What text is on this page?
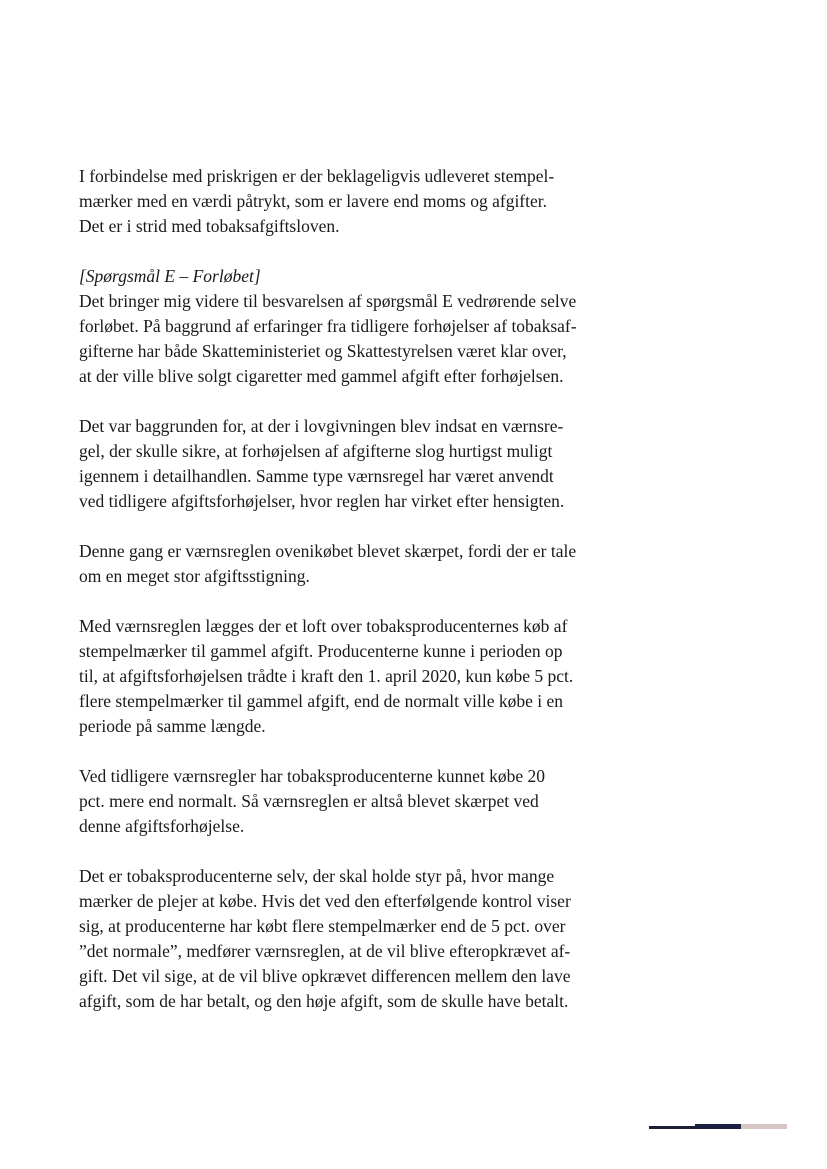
I forbindelse med priskrigen er der beklageligvis udleveret stempel-
mærker med en værdi påtrykt, som er lavere end moms og afgifter.
Det er i strid med tobaksafgiftsloven.

[Spørgsmål E – Forløbet]
Det bringer mig videre til besvarelsen af spørgsmål E vedrørende selve
forløbet. På baggrund af erfaringer fra tidligere forhøjelser af tobaksaf-
gifterne har både Skatteministeriet og Skattestyrelsen været klar over,
at der ville blive solgt cigaretter med gammel afgift efter forhøjelsen.

Det var baggrunden for, at der i lovgivningen blev indsat en værnsre-
gel, der skulle sikre, at forhøjelsen af afgifterne slog hurtigst muligt
igennem i detailhandlen. Samme type værnsregel har været anvendt
ved tidligere afgiftsforhøjelser, hvor reglen har virket efter hensigten.

Denne gang er værnsreglen ovenikøbet blevet skærpet, fordi der er tale
om en meget stor afgiftsstigning.

Med værnsreglen lægges der et loft over tobaksproducenternes køb af
stempelmærker til gammel afgift. Producenterne kunne i perioden op
til, at afgiftsforhøjelsen trådte i kraft den 1. april 2020, kun købe 5 pct.
flere stempelmærker til gammel afgift, end de normalt ville købe i en
periode på samme længde.

Ved tidligere værnsregler har tobaksproducenterne kunnet købe 20
pct. mere end normalt. Så værnsreglen er altså blevet skærpet ved
denne afgiftsforhøjelse.

Det er tobaksproducenterne selv, der skal holde styr på, hvor mange
mærker de plejer at købe. Hvis det ved den efterfølgende kontrol viser
sig, at producenterne har købt flere stempelmærker end de 5 pct. over
”det normale”, medfører værnsreglen, at de vil blive efteropkrævet af-
gift. Det vil sige, at de vil blive opkrævet differencen mellem den lave
afgift, som de har betalt, og den høje afgift, som de skulle have betalt.
